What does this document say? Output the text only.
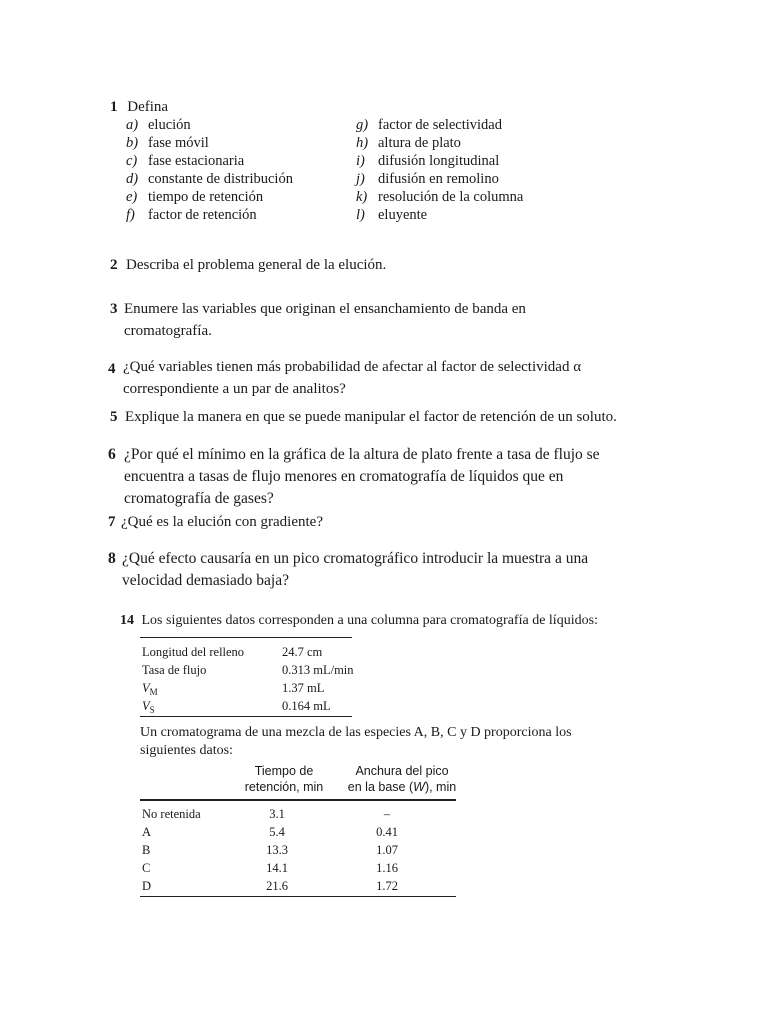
1 Defina
a) elución
b) fase móvil
c) fase estacionaria
d) constante de distribución
e) tiempo de retención
f) factor de retención
g) factor de selectividad
h) altura de plato
i) difusión longitudinal
j) difusión en remolino
k) resolución de la columna
l) eluyente
2 Describa el problema general de la elución.
3 Enumere las variables que originan el ensanchamiento de banda en cromatografía.
4 ¿Qué variables tienen más probabilidad de afectar al factor de selectividad α correspondiente a un par de analitos?
5 Explique la manera en que se puede manipular el factor de retención de un soluto.
6 ¿Por qué el mínimo en la gráfica de la altura de plato frente a tasa de flujo se encuentra a tasas de flujo menores en cromatografía de líquidos que en cromatografía de gases?
7 ¿Qué es la elución con gradiente?
8 ¿Qué efecto causaría en un pico cromatográfico introducir la muestra a una velocidad demasiado baja?
14 Los siguientes datos corresponden a una columna para cromatografía de líquidos:
Longitud del relleno	24.7 cm
Tasa de flujo	0.313 mL/min
$V_M$	1.37 mL
$V_S$	0.164 mL
Un cromatograma de una mezcla de las especies A, B, C y D proporciona los siguientes datos:
Tiempo de
retención, min
Anchura del pico
en la base (W), min
No retenida	3.1	–
A	5.4	0.41
B	13.3	1.07
C	14.1	1.16
D	21.6	1.72
